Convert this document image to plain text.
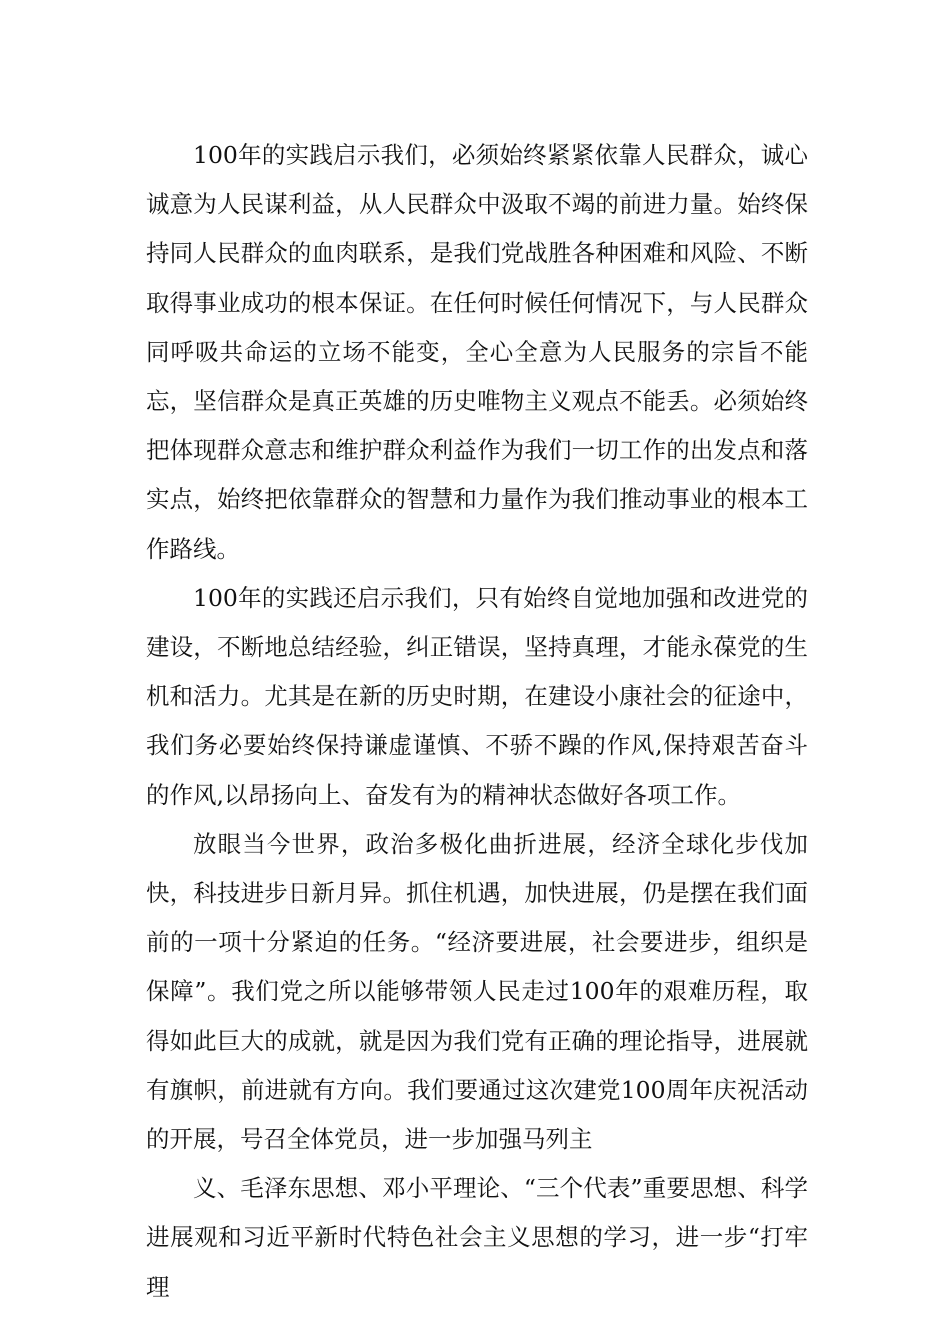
100年的实践启示我们，必须始终紧紧依靠人民群众，诚心诚意为人民谋利益，从人民群众中汲取不竭的前进力量。始终保持同人民群众的血肉联系，是我们党战胜各种困难和风险、不断取得事业成功的根本保证。在任何时候任何情况下，与人民群众同呼吸共命运的立场不能变，全心全意为人民服务的宗旨不能忘，坚信群众是真正英雄的历史唯物主义观点不能丢。必须始终把体现群众意志和维护群众利益作为我们一切工作的出发点和落实点，始终把依靠群众的智慧和力量作为我们推动事业的根本工作路线。

100年的实践还启示我们，只有始终自觉地加强和改进党的建设，不断地总结经验，纠正错误，坚持真理，才能永葆党的生机和活力。尤其是在新的历史时期，在建设小康社会的征途中，我们务必要始终保持谦虚谨慎、不骄不躁的作风,保持艰苦奋斗的作风,以昂扬向上、奋发有为的精神状态做好各项工作。

放眼当今世界，政治多极化曲折进展，经济全球化步伐加快，科技进步日新月异。抓住机遇，加快进展，仍是摆在我们面前的一项十分紧迫的任务。“经济要进展，社会要进步，组织是保障”。我们党之所以能够带领人民走过100年的艰难历程，取得如此巨大的成就，就是因为我们党有正确的理论指导，进展就有旗帜，前进就有方向。我们要通过这次建党100周年庆祝活动的开展，号召全体党员，进一步加强马列主

义、毛泽东思想、邓小平理论、“三个代表”重要思想、科学进展观和习近平新时代特色社会主义思想的学习，进一步“打牢理
